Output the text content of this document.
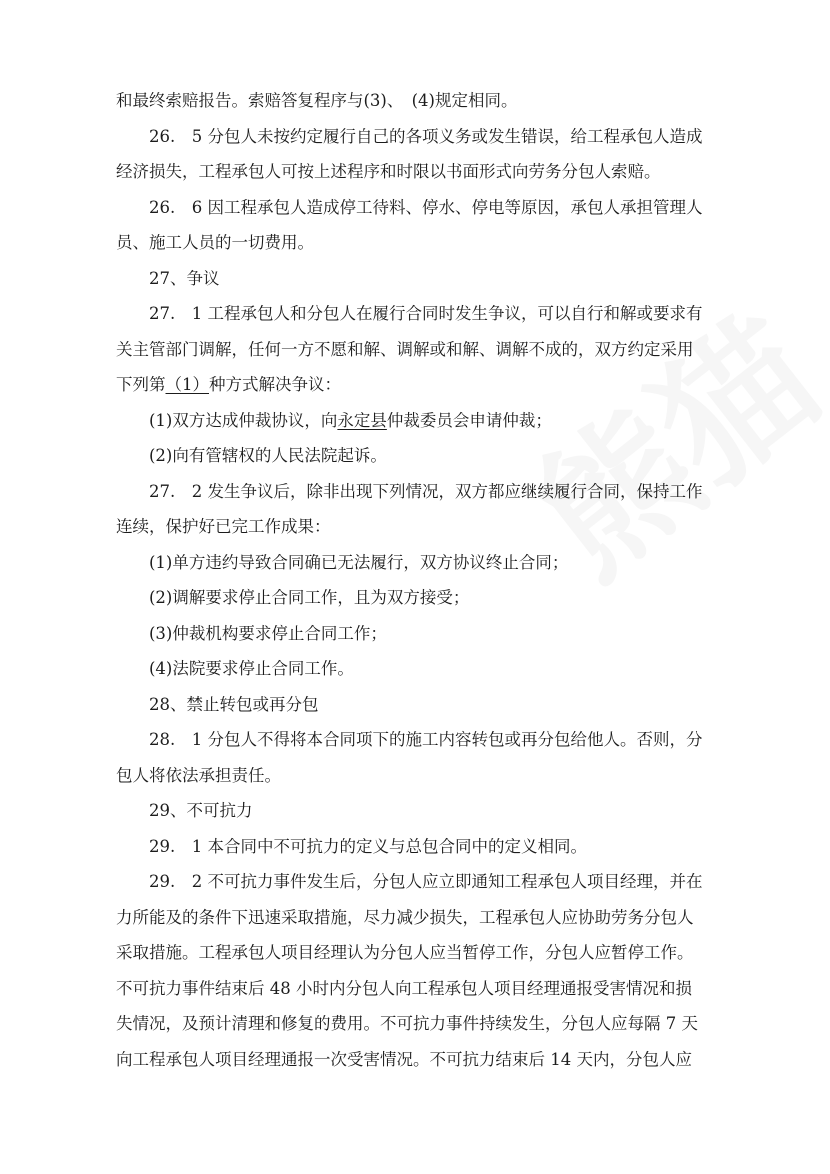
和最终索赔报告。索赔答复程序与(3)、　(4)规定相同。
26.　5 分包人未按约定履行自己的各项义务或发生错误，给工程承包人造成
经济损失，工程承包人可按上述程序和时限以书面形式向劳务分包人索赔。
26.　6 因工程承包人造成停工待料、停水、停电等原因，承包人承担管理人
员、施工人员的一切费用。
27、争议
27.　1 工程承包人和分包人在履行合同时发生争议，可以自行和解或要求有
关主管部门调解，任何一方不愿和解、调解或和解、调解不成的，双方约定采用
下列第（1）种方式解决争议：
(1)双方达成仲裁协议，向永定县仲裁委员会申请仲裁；
(2)向有管辖权的人民法院起诉。
27.　2 发生争议后，除非出现下列情况，双方都应继续履行合同，保持工作
连续，保护好已完工作成果：
(1)单方违约导致合同确已无法履行，双方协议终止合同；
(2)调解要求停止合同工作，且为双方接受；
(3)仲裁机构要求停止合同工作；
(4)法院要求停止合同工作。
28、禁止转包或再分包
28.　1 分包人不得将本合同项下的施工内容转包或再分包给他人。否则，分
包人将依法承担责任。
29、不可抗力
29.　1 本合同中不可抗力的定义与总包合同中的定义相同。
29.　2 不可抗力事件发生后，分包人应立即通知工程承包人项目经理，并在
力所能及的条件下迅速采取措施，尽力减少损失，工程承包人应协助劳务分包人
采取措施。工程承包人项目经理认为分包人应当暂停工作，分包人应暂停工作。
不可抗力事件结束后 48 小时内分包人向工程承包人项目经理通报受害情况和损
失情况，及预计清理和修复的费用。不可抗力事件持续发生，分包人应每隔 7 天
向工程承包人项目经理通报一次受害情况。不可抗力结束后 14 天内，分包人应
